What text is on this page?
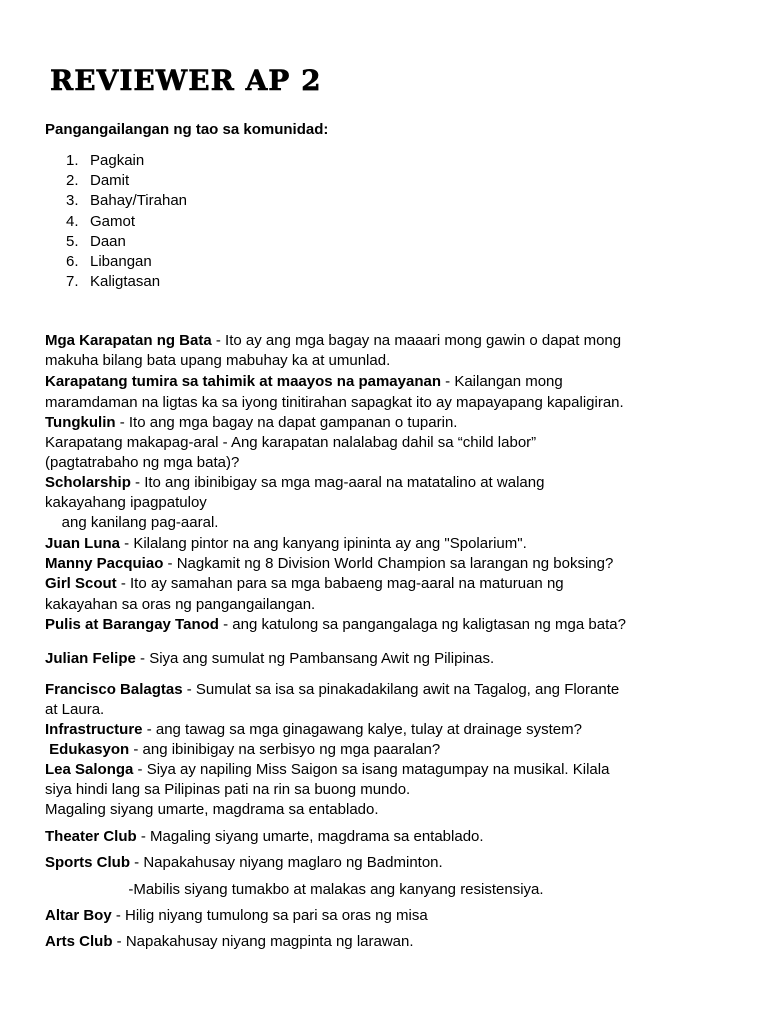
REVIEWER AP 2
Pangangailangan ng tao sa komunidad:
1. Pagkain
2. Damit
3. Bahay/Tirahan
4. Gamot
5. Daan
6. Libangan
7. Kaligtasan
Mga Karapatan ng Bata - Ito ay ang mga bagay na maaari mong gawin o dapat mong
makuha bilang bata upang mabuhay ka at umunlad.
Karapatang tumira sa tahimik at maayos na pamayanan - Kailangan mong
maramdaman na ligtas ka sa iyong tinitirahan sapagkat ito ay mapayapang kapaligiran.
Tungkulin - Ito ang mga bagay na dapat gampanan o tuparin.
Karapatang makapag-aral - Ang karapatan nalalabag dahil sa “child labor”
(pagtatrabaho ng mga bata)?
Scholarship - Ito ang ibinibigay sa mga mag-aaral na matatalino at walang
kakayahang ipagpatuloy
ang kanilang pag-aaral.
Juan Luna - Kilalang pintor na ang kanyang ipininta ay ang "Spolarium".
Manny Pacquiao - Nagkamit ng 8 Division World Champion sa larangan ng boksing?
Girl Scout - Ito ay samahan para sa mga babaeng mag-aaral na maturuan ng
kakayahan sa oras ng pangangailangan.
Pulis at Barangay Tanod - ang katulong sa pangangalaga ng kaligtasan ng mga bata?
Julian Felipe - Siya ang sumulat ng Pambansang Awit ng Pilipinas.
Francisco Balagtas - Sumulat sa isa sa pinakadakilang awit na Tagalog, ang Florante
at Laura.
Infrastructure - ang tawag sa mga ginagawang kalye, tulay at drainage system?
Edukasyon - ang ibinibigay na serbisyo ng mga paaralan?
Lea Salonga - Siya ay napiling Miss Saigon sa isang matagumpay na musikal. Kilala
siya hindi lang sa Pilipinas pati na rin sa buong mundo.
Magaling siyang umarte, magdrama sa entablado.
Theater Club - Magaling siyang umarte, magdrama sa entablado.
Sports Club - Napakahusay niyang maglaro ng Badminton.
-Mabilis siyang tumakbo at malakas ang kanyang resistensiya.
Altar Boy - Hilig niyang tumulong sa pari sa oras ng misa
Arts Club - Napakahusay niyang magpinta ng larawan.
